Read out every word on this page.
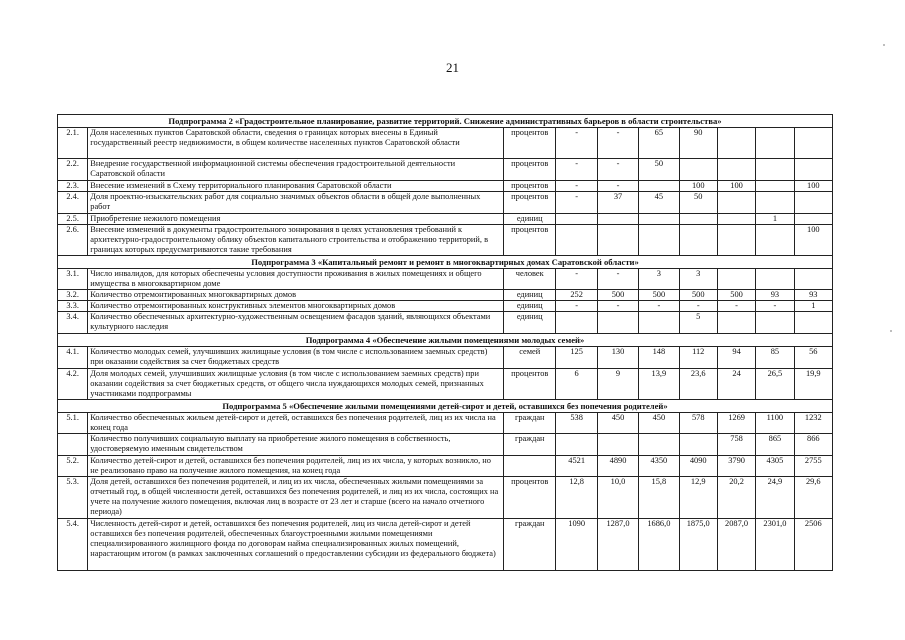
21
Подпрограмма 2 «Градостроительное планирование, развитие территорий. Снижение административных барьеров в области строительства»									
2.1.	Доля населенных пунктов Саратовской области, сведения о границах которых внесены в Единый государственный реестр недвижимости, в общем количестве населенных пунктов Саратовской области	процентов	-	-	65	90			
2.2.	Внедрение государственной информационной системы обеспечения градостроительной деятельности Саратовской области	процентов	-	-	50				
2.3.	Внесение изменений в Схему территориального планирования Саратовской области	процентов	-	-		100	100		100
2.4.	Доля проектно-изыскательских работ для социально значимых объектов области в общей доле выполненных работ	процентов	-	37	45	50			
2.5.	Приобретение нежилого помещения	единиц						1	
2.6.	Внесение изменений в документы градостроительного зонирования в целях установления требований к архитектурно-градостроительному облику объектов капитального строительства и отображению территорий, в границах которых предусматриваются такие требования	процентов							100
Подпрограмма 3 «Капитальный ремонт и ремонт в многоквартирных домах Саратовской области»									
3.1.	Число инвалидов, для которых обеспечены условия доступности проживания в жилых помещениях и общего имущества в многоквартирном доме	человек	-	-	3	3			
3.2.	Количество отремонтированных многоквартирных домов	единиц	252	500	500	500	500	93	93
3.3.	Количество отремонтированных конструктивных элементов многоквартирных домов	единиц	-	-	-	-	-	-	1
3.4.	Количество обеспеченных архитектурно-художественным освещением фасадов зданий, являющихся объектами культурного наследия	единиц				5			
Подпрограмма 4 «Обеспечение жилыми помещениями молодых семей»									
4.1.	Количество молодых семей, улучшивших жилищные условия (в том числе с использованием заемных средств) при оказании содействия за счет бюджетных средств	семей	125	130	148	112	94	85	56
4.2.	Доля молодых семей, улучшивших жилищные условия (в том числе с использованием заемных средств) при оказании содействия за счет бюджетных средств, от общего числа нуждающихся молодых семей, признанных участниками подпрограммы	процентов	6	9	13,9	23,6	24	26,5	19,9
Подпрограмма 5 «Обеспечение жилыми помещениями детей-сирот и детей, оставшихся без попечения родителей»									
5.1.	Количество обеспеченных жильем детей-сирот и детей, оставшихся без попечения родителей, лиц из их числа на конец года	граждан	538	450	450	578	1269	1100	1232
	Количество получивших социальную выплату на приобретение жилого помещения в собственность, удостоверяемую именным свидетельством	граждан					758	865	866
5.2.	Количество детей-сирот и детей, оставшихся без попечения родителей, лиц из их числа, у которых возникло, но не реализовано право на получение жилого помещения, на конец года		4521	4890	4350	4090	3790	4305	2755
5.3.	Доля детей, оставшихся без попечения родителей, и лиц из их числа, обеспеченных жилыми помещениями за отчетный год, в общей численности детей, оставшихся без попечения родителей, и лиц из их числа, состоящих на учете на получение жилого помещения, включая лиц в возрасте от 23 лет и старше (всего на начало отчетного периода)	процентов	12,8	10,0	15,8	12,9	20,2	24,9	29,6
5.4.	Численность детей-сирот и детей, оставшихся без попечения родителей, лиц из числа детей-сирот и детей оставшихся без попечения родителей, обеспеченных благоустроенными жилыми помещениями специализированного жилищного фонда по договорам найма специализированных жилых помещений, нарастающим итогом (в рамках заключенных соглашений о предоставлении субсидии из федерального бюджета)	граждан	1090	1287,0	1686,0	1875,0	2087,0	2301,0	2506
